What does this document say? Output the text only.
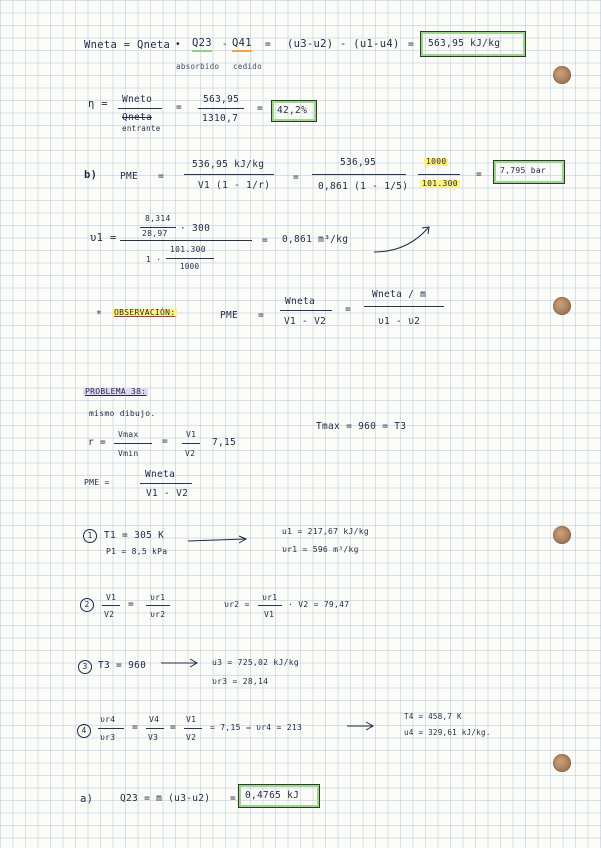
Wneta = Qneta • Q23 - Q41
absorbido cedido
= (u3-u2) - (u1-u4) = 563,95 kJ/kg
η = Wneto
Qneta
entrante
=
563,95
1310,7
= 42,2%
b) PME =
536,95 kJ/kg
V1 (1 - 1/r)
=
536,95
0,861 (1 - 1/5)
1000
101.300
= 7,795 bar
υ1 =
8,314
28,97 · 300
1 ·
101.300
1000
= 0,861 m³/kg
* OBSERVACIÓN:	PME =
Wneta
V1 - V2
=
Wneta / m
υ1 - υ2
PROBLEMA 38:
mismo dibujo.
r =
Vmax
Vmin
=
V1
V2
7,15
Tmax = 960 = T3
PME =
Wneta
V1 - V2
1	T1 = 305 K
P1 = 8,5 kPa
u1 = 217,67 kJ/kg
υr1 = 596 m³/kg
2
V1
V2
=
υr1
υr2
υr2 =
υr1
V1
· V2 = 79,47
3	T3 = 960	u3 = 725,02 kJ/kg
υr3 = 28,14
4
υr4
υr3
=
V4
V3
=
V1
V2
= 7,15 ⇒ υr4 = 213
T4 = 458,7 K
u4 = 329,61 kJ/kg.
a)	Q23 = m (u3-u2) = 0,4765 kJ
